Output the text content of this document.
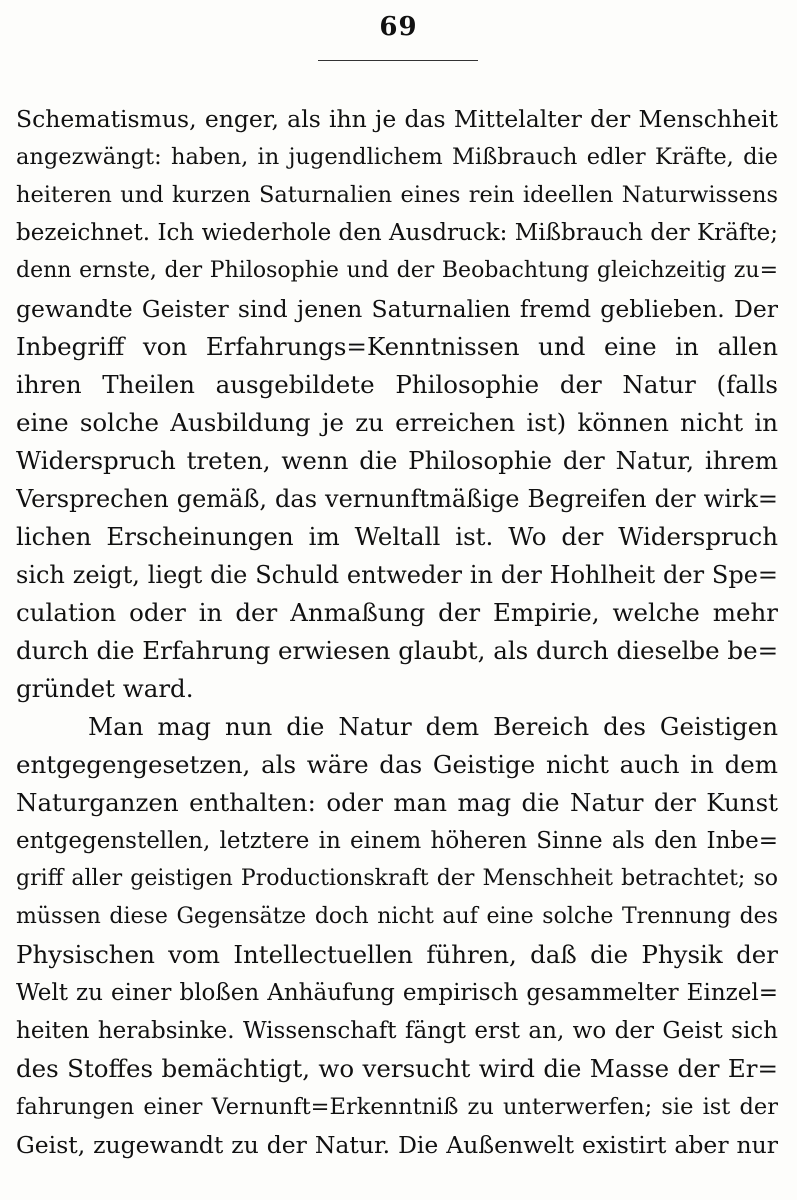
69
Schematismus, enger, als ihn je das Mittelalter der Menschheit
angezwängt: haben, in jugendlichem Mißbrauch edler Kräfte, die
heiteren und kurzen Saturnalien eines rein ideellen Naturwissens
bezeichnet. Ich wiederhole den Ausdruck: Mißbrauch der Kräfte;
denn ernste, der Philosophie und der Beobachtung gleichzeitig zu=
gewandte Geister sind jenen Saturnalien fremd geblieben. Der
Inbegriff von Erfahrungs=Kenntnissen und eine in allen
ihren Theilen ausgebildete Philosophie der Natur (falls
eine solche Ausbildung je zu erreichen ist) können nicht in
Widerspruch treten, wenn die Philosophie der Natur, ihrem
Versprechen gemäß, das vernunftmäßige Begreifen der wirk=
lichen Erscheinungen im Weltall ist. Wo der Widerspruch
sich zeigt, liegt die Schuld entweder in der Hohlheit der Spe=
culation oder in der Anmaßung der Empirie, welche mehr
durch die Erfahrung erwiesen glaubt, als durch dieselbe be=
gründet ward.
Man mag nun die Natur dem Bereich des Geistigen
entgegengesetzen, als wäre das Geistige nicht auch in dem
Naturganzen enthalten: oder man mag die Natur der Kunst
entgegenstellen, letztere in einem höheren Sinne als den Inbe=
griff aller geistigen Productionskraft der Menschheit betrachtet; so
müssen diese Gegensätze doch nicht auf eine solche Trennung des
Physischen vom Intellectuellen führen, daß die Physik der
Welt zu einer bloßen Anhäufung empirisch gesammelter Einzel=
heiten herabsinke. Wissenschaft fängt erst an, wo der Geist sich
des Stoffes bemächtigt, wo versucht wird die Masse der Er=
fahrungen einer Vernunft=Erkenntniß zu unterwerfen; sie ist der
Geist, zugewandt zu der Natur. Die Außenwelt existirt aber nur
